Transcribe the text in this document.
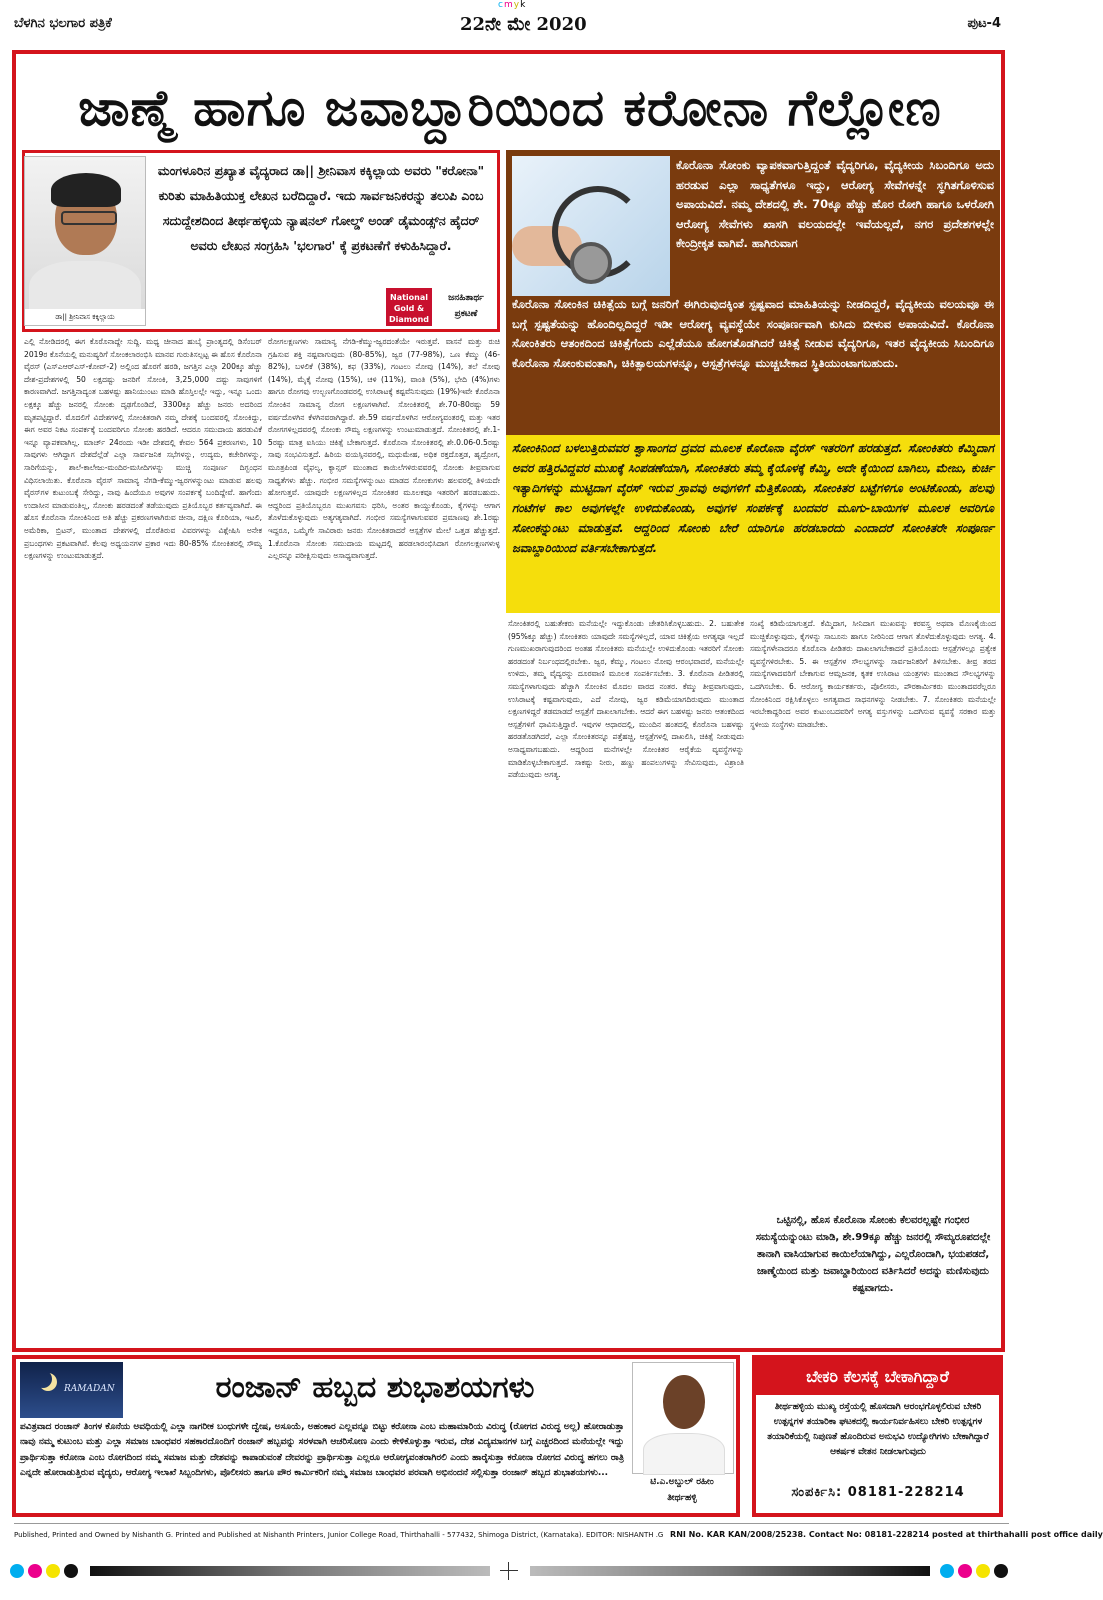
cmyk
ಬೆಳಗಿನ ಭಲಗಾರ ಪತ್ರಿಕೆ	22ನೇ ಮೇ 2020	ಪುಟ-4
ಜಾಣ್ಮೆ ಹಾಗೂ ಜವಾಬ್ದಾರಿಯಿಂದ ಕರೋನಾ ಗೆಲ್ಲೋಣ
ಡಾ|| ಶ್ರೀನಿವಾಸ ಕಕ್ಕಿಲ್ಲಾಯ
ಮಂಗಳೂರಿನ ಪ್ರಖ್ಯಾತ ವೈದ್ಯರಾದ ಡಾ|| ಶ್ರೀನಿವಾಸ ಕಕ್ಕಿಲ್ಲಾಯ ಅವರು "ಕರೋನಾ" ಕುರಿತು ಮಾಹಿತಿಯುಕ್ತ ಲೇಖನ ಬರೆದಿದ್ದಾರೆ. ಇದು ಸಾರ್ವಜನಿಕರನ್ನು ತಲುಪಿ ಎಂಬ ಸದುದ್ದೇಶದಿಂದ ತೀರ್ಥಹಳ್ಳಿಯ ನ್ಯಾಷನಲ್ ಗೋಲ್ಡ್ ಅಂಡ್ ಡೈಮಂಡ್ಸ್‌ನ ಹೈದರ್ ಅವರು ಲೇಖನ ಸಂಗ್ರಹಿಸಿ 'ಭಲಗಾರ' ಕ್ಕೆ ಪ್ರಕಟಣೆಗೆ ಕಳುಹಿಸಿದ್ದಾರೆ.
National Gold & Diamond
ಜನಹಿತಾರ್ಥ ಪ್ರಕಟಣೆ
ಕೊರೊನಾ ಸೋಂಕು ವ್ಯಾಪಕವಾಗುತ್ತಿದ್ದಂತೆ ವೈದ್ಯರಿಗೂ, ವೈದ್ಯಕೀಯ ಸಿಬಂದಿಗೂ ಅದು ಹರಡುವ ಎಲ್ಲಾ ಸಾಧ್ಯತೆಗಳೂ ಇದ್ದು, ಆರೋಗ್ಯ ಸೇವೆಗಳನ್ನೇ ಸ್ಥಗಿತಗೊಳಿಸುವ ಅಪಾಯವಿದೆ. ನಮ್ಮ ದೇಶದಲ್ಲಿ ಶೇ. 70ಕ್ಕೂ ಹೆಚ್ಚು ಹೊರ ರೋಗಿ ಹಾಗೂ ಒಳರೋಗಿ ಆರೋಗ್ಯ ಸೇವೆಗಳು ಖಾಸಗಿ ವಲಯದಲ್ಲೇ ಇವೆಯಲ್ಲದೆ, ನಗರ ಪ್ರದೇಶಗಳಲ್ಲೇ ಕೇಂದ್ರೀಕೃತ ವಾಗಿವೆ. ಹಾಗಿರುವಾಗ
ಕೊರೊನಾ ಸೋಂಕಿನ ಚಿಕಿತ್ಸೆಯ ಬಗ್ಗೆ ಜನರಿಗೆ ಈಗಿರುವುದಕ್ಕಿಂತ ಸ್ಪಷ್ಟವಾದ ಮಾಹಿತಿಯನ್ನು ನೀಡದಿದ್ದರೆ, ವೈದ್ಯಕೀಯ ವಲಯವೂ ಈ ಬಗ್ಗೆ ಸ್ಪಷ್ಟತೆಯನ್ನು ಹೊಂದಿಲ್ಲದಿದ್ದರೆ ಇಡೀ ಆರೋಗ್ಯ ವ್ಯವಸ್ಥೆಯೇ ಸಂಪೂರ್ಣವಾಗಿ ಕುಸಿದು ಬೀಳುವ ಅಪಾಯವಿದೆ. ಕೊರೊನಾ ಸೋಂಕಿತರು ಆತಂಕದಿಂದ ಚಿಕಿತ್ಸೆಗೆಂದು ಎಲ್ಲೆಡೆಯೂ ಹೋಗತೊಡಗಿದರೆ ಚಿಕಿತ್ಸೆ ನೀಡುವ ವೈದ್ಯರಿಗೂ, ಇತರ ವೈದ್ಯಕೀಯ ಸಿಬಂದಿಗೂ ಕೊರೊನಾ ಸೋಂಕುವಂತಾಗಿ, ಚಿಕಿತ್ಸಾಲಯಗಳನ್ನೂ, ಆಸ್ಪತ್ರೆಗಳನ್ನೂ ಮುಚ್ಚಬೇಕಾದ ಸ್ಥಿತಿಯುಂಟಾಗಬಹುದು.
ಸೋಂಕಿನಿಂದ ಬಳಲುತ್ತಿರುವವರ ಶ್ವಾಸಾಂಗದ ದ್ರವದ ಮೂಲಕ ಕೊರೊನಾ ವೈರಸ್ ಇತರರಿಗೆ ಹರಡುತ್ತದೆ. ಸೋಂಕಿತರು ಕೆಮ್ಮಿದಾಗ ಅವರ ಹತ್ತಿರವಿದ್ದವರ ಮುಖಕ್ಕೆ ಸಿಂಪಡಣೆಯಾಗಿ, ಸೋಂಕಿತರು ತಮ್ಮ ಕೈಯೊಳಕ್ಕೆ ಕೆಮ್ಮಿ, ಅದೇ ಕೈಯಿಂದ ಬಾಗಿಲು, ಮೇಜು, ಕುರ್ಚಿ ಇತ್ಯಾದಿಗಳನ್ನು ಮುಟ್ಟಿದಾಗ ವೈರಸ್ ಇರುವ ಸ್ರಾವವು ಅವುಗಳಿಗೆ ಮೆತ್ತಿಕೊಂಡು, ಸೋಂಕಿತರ ಬಟ್ಟೆಗಳಿಗೂ ಅಂಟಿಕೊಂಡು, ಹಲವು ಗಂಟೆಗಳ ಕಾಲ ಅವುಗಳಲ್ಲೇ ಉಳಿದುಕೊಂಡು, ಅವುಗಳ ಸಂಪರ್ಕಕ್ಕೆ ಬಂದವರ ಮೂಗು-ಬಾಯಿಗಳ ಮೂಲಕ ಅವರಿಗೂ ಸೋಂಕನ್ನುಂಟು ಮಾಡುತ್ತವೆ. ಆದ್ದರಿಂದ ಸೋಂಕು ಬೇರೆ ಯಾರಿಗೂ ಹರಡಬಾರದು ಎಂದಾದರೆ ಸೋಂಕಿತರೇ ಸಂಪೂರ್ಣ ಜವಾಬ್ದಾರಿಯಿಂದ ವರ್ತಿಸಬೇಕಾಗುತ್ತದೆ.
ಎಲ್ಲಿ ನೋಡಿದರಲ್ಲಿ ಈಗ ಕೊರೊನಾದ್ದೇ ಸುದ್ದಿ. ಮಧ್ಯ ಚೀನಾದ ಹುಬೈ ಪ್ರಾಂತ್ಯದಲ್ಲಿ ಡಿಸೆಂಬರ್ 2019ರ ಕೊನೆಯಲ್ಲಿ ಮನುಷ್ಯರಿಗೆ ಸೋಂಕಲಾರಂಭಿಸಿ ಮಾನವ ಗುರುತಿಸಲ್ಪಟ್ಟ ಈ ಹೊಸ ಕೊರೊನಾ ವೈರಸ್ (ಎಸ್‌ಎಆರ್‌ಎಸ್-ಕೋವ್-2) ಅಲ್ಲಿಂದ ಹೊರಗೆ ಹರಡಿ, ಜಗತ್ತಿನ ಎಲ್ಲಾ 200ಕ್ಕೂ ಹೆಚ್ಚು ದೇಶ-ಪ್ರದೇಶಗಳಲ್ಲಿ 50 ಲಕ್ಷದಷ್ಟು ಜನರಿಗೆ ಸೋಂಕಿ, 3,25,000 ದಷ್ಟು ಸಾವುಗಳಿಗೆ ಕಾರಣವಾಗಿದೆ. ಜಗತ್ತಿನಾದ್ಯಂತ ಬಹಳಷ್ಟು ಹಾನಿಯುಂಟು ಮಾಡಿ ಹೊಸ್ತಿಲಲ್ಲೇ ಇದ್ದು, ಇನ್ನೂ ಒಂದು ಲಕ್ಷಕ್ಕೂ ಹೆಚ್ಚು ಜನರಲ್ಲಿ ಸೋಂಕು ದೃಢಗೊಂಡಿದೆ, 3300ಕ್ಕೂ ಹೆಚ್ಚು ಜನರು ಅದರಿಂದ ಮೃತಪಟ್ಟಿದ್ದಾರೆ. ಮೊದಲಿಗೆ ವಿದೇಶಗಳಲ್ಲಿ ಸೋಂಕಿತರಾಗಿ ನಮ್ಮ ದೇಶಕ್ಕೆ ಬಂದವರಲ್ಲಿ ಸೋಂಕಿದ್ದು, ಈಗ ಅವರ ನಿಕಟ ಸಂಪರ್ಕಕ್ಕೆ ಬಂದವರಿಗೂ ಸೋಂಕು ಹರಡಿದೆ. ಆದರೂ ಸಮುದಾಯ ಹರಡುವಿಕೆ ಇನ್ನೂ ವ್ಯಾಪಕವಾಗಿಲ್ಲ. ಮಾರ್ಚ್ 24ರಂದು ಇಡೀ ದೇಶದಲ್ಲಿ ಕೇವಲ 564 ಪ್ರಕರಣಗಳು, 10 ಸಾವುಗಳು ಆಗಿದ್ದಾಗ ದೇಶದೆಲ್ಲೆಡೆ ಎಲ್ಲಾ ಸಾರ್ವಜನಿಕ ಸಭೆಗಳನ್ನು, ಉದ್ಯಮ, ಕಚೇರಿಗಳನ್ನು, ಸಾರಿಗೆಯನ್ನು, ಶಾಲೆ-ಕಾಲೇಜು-ಮಂದಿರ-ಮಸೀದಿಗಳನ್ನು ಮುಚ್ಚಿ ಸಂಪೂರ್ಣ ದಿಗ್ಬಂಧನ ವಿಧಿಸಲಾಯಿತು. ಕೊರೊನಾ ವೈರಸ್ ಸಾಮಾನ್ಯ ನೆಗಡಿ-ಕೆಮ್ಮು-ಜ್ವರಗಳನ್ನುಂಟು ಮಾಡುವ ಹಲವು ವೈರಸ್‌ಗಳ ಕುಟುಂಬಕ್ಕೆ ಸೇರಿದ್ದು, ನಾವು ಹಿಂದೆಯೂ ಅವುಗಳ ಸಂಪರ್ಕಕ್ಕೆ ಬಂದಿದ್ದೇವೆ. ಹಾಗೆಂದು ಉದಾಸೀನ ಮಾಡುವಂತಿಲ್ಲ, ಸೋಂಕು ಹರಡದಂತೆ ತಡೆಯುವುದು ಪ್ರತಿಯೊಬ್ಬರ ಕರ್ತವ್ಯವಾಗಿದೆ. ಈ ಹೊಸ ಕೊರೊನಾ ಸೋಂಕಿನಿಂದ ಅತಿ ಹೆಚ್ಚು ಪ್ರಕರಣಗಳಾಗಿರುವ ಚೀನಾ, ದಕ್ಷಿಣ ಕೊರಿಯಾ, ಇಟಲಿ, ಅಮೆರಿಕಾ, ಬ್ರಿಟನ್, ಮುಂತಾದ ದೇಶಗಳಲ್ಲಿ ದೊರೆತಿರುವ ವಿವರಗಳನ್ನು ವಿಶ್ಲೇಷಿಸಿ ಅನೇಕ ಪ್ರಬಂಧಗಳು ಪ್ರಕಟವಾಗಿವೆ. ಕೆಲವು ಅಧ್ಯಯನಗಳ ಪ್ರಕಾರ ಇದು 80-85% ಸೋಂಕಿತರಲ್ಲಿ ಸೌಮ್ಯ ಲಕ್ಷಣಗಳನ್ನು ಉಂಟುಮಾಡುತ್ತದೆ.
ರೋಗಲಕ್ಷಣಗಳು ಸಾಮಾನ್ಯ ನೆಗಡಿ-ಕೆಮ್ಮು-ಜ್ವರದಂತೆಯೇ ಇರುತ್ತವೆ. ವಾಸನೆ ಮತ್ತು ರುಚಿ ಗ್ರಹಿಸುವ ಶಕ್ತಿ ನಷ್ಟವಾಗುವುದು (80-85%), ಜ್ವರ (77-98%), ಒಣ ಕೆಮ್ಮು (46-82%), ಬಳಲಿಕೆ (38%), ಕಫ (33%), ಗಂಟಲು ನೋವು (14%), ತಲೆ ನೋವು (14%), ಮೈಕೈ ನೋವು (15%), ಚಳಿ (11%), ವಾಂತಿ (5%), ಭೇದಿ (4%)ಗಳು ಹಾಗೂ ರೋಗವು ಉಲ್ಬಣಗೊಂಡವರಲ್ಲಿ ಉಸಿರಾಟಕ್ಕೆ ಕಷ್ಟವೆನಿಸುವುದು (19%)ಇವೇ ಕೊರೊನಾ ಸೋಂಕಿನ ಸಾಮಾನ್ಯ ರೋಗ ಲಕ್ಷಣಗಳಾಗಿವೆ. ಸೋಂಕಿತರಲ್ಲಿ ಶೇ.70-80ರಷ್ಟು 59 ವರ್ಷದೊಳಗಿನ ಕೆಳಗಿನವರಾಗಿದ್ದಾರೆ. ಶೇ.59 ವರ್ಷದೊಳಗಿನ ಆರೋಗ್ಯವಂತರಲ್ಲಿ ಮತ್ತು ಇತರ ರೋಗಗಳಿಲ್ಲದವರಲ್ಲಿ ಸೋಂಕು ಸೌಮ್ಯ ಲಕ್ಷಣಗಳನ್ನು ಉಂಟುಮಾಡುತ್ತದೆ. ಸೋಂಕಿತರಲ್ಲಿ ಶೇ.1-5ರಷ್ಟು ಮಾತ್ರ ಐಸಿಯು ಚಿಕಿತ್ಸೆ ಬೇಕಾಗುತ್ತದೆ. ಕೊರೊನಾ ಸೋಂಕಿತರಲ್ಲಿ ಶೇ.0.06-0.5ರಷ್ಟು ಸಾವು ಸಂಭವಿಸುತ್ತದೆ. ಹಿರಿಯ ವಯಸ್ಸಿನವರಲ್ಲಿ, ಮಧುಮೇಹ, ಅಧಿಕ ರಕ್ತದೊತ್ತಡ, ಹೃದ್ರೋಗ, ಮೂತ್ರಪಿಂಡ ವೈಫಲ್ಯ, ಕ್ಯಾನ್ಸರ್ ಮುಂತಾದ ಕಾಯಿಲೆಗಳಿರುವವರಲ್ಲಿ ಸೋಂಕು ತೀವ್ರವಾಗುವ ಸಾಧ್ಯತೆಗಳು ಹೆಚ್ಚು. ಗಂಭೀರ ಸಮಸ್ಯೆಗಳನ್ನುಂಟು ಮಾಡದ ಸೋಂಕುಗಳು ಹಲವರಲ್ಲಿ ತಿಳಿಯದೇ ಹೋಗುತ್ತವೆ. ಯಾವುದೇ ಲಕ್ಷಣಗಳಿಲ್ಲದ ಸೋಂಕಿತರ ಮೂಲಕವೂ ಇತರರಿಗೆ ಹರಡಬಹುದು. ಆದ್ದರಿಂದ ಪ್ರತಿಯೊಬ್ಬರೂ ಮುಖಗವಸು ಧರಿಸಿ, ಅಂತರ ಕಾಯ್ದುಕೊಂಡು, ಕೈಗಳನ್ನು ಆಗಾಗ ತೊಳೆದುಕೊಳ್ಳುವುದು ಅತ್ಯಗತ್ಯವಾಗಿದೆ. ಗಂಭೀರ ಸಮಸ್ಯೆಗಳಾಗುವವರ ಪ್ರಮಾಣವು ಶೇ.1ರಷ್ಟು ಇದ್ದರೂ, ಒಮ್ಮೆಗೇ ಸಾವಿರಾರು ಜನರು ಸೋಂಕಿತರಾದರೆ ಆಸ್ಪತ್ರೆಗಳ ಮೇಲೆ ಒತ್ತಡ ಹೆಚ್ಚುತ್ತದೆ. 1.ಕೊರೊನಾ ಸೋಂಕು ಸಮುದಾಯ ಮಟ್ಟದಲ್ಲಿ ಹರಡಲಾರಂಭಿಸಿದಾಗ ರೋಗಲಕ್ಷಣಗಳುಳ್ಳ ಎಲ್ಲರನ್ನೂ ಪರೀಕ್ಷಿಸುವುದು ಅಸಾಧ್ಯವಾಗುತ್ತದೆ.
ಸೋಂಕಿತರಲ್ಲಿ ಬಹುತೇಕರು ಮನೆಯಲ್ಲೇ ಇದ್ದುಕೊಂಡು ಚೇತರಿಸಿಕೊಳ್ಳಬಹುದು. 2. ಬಹುತೇಕ (95%ಕ್ಕೂ ಹೆಚ್ಚು) ಸೋಂಕಿತರು ಯಾವುದೇ ಸಮಸ್ಯೆಗಳಿಲ್ಲದೆ, ಯಾವ ಚಿಕಿತ್ಸೆಯ ಅಗತ್ಯವೂ ಇಲ್ಲದೆ ಗುಣಮುಖರಾಗುವುದರಿಂದ ಅಂತಹ ಸೋಂಕಿತರು ಮನೆಯಲ್ಲೇ ಉಳಿದುಕೊಂಡು ಇತರರಿಗೆ ಸೋಂಕು ಹರಡದಂತೆ ನಿರ್ಬಂಧದಲ್ಲಿರಬೇಕು. ಜ್ವರ, ಕೆಮ್ಮು, ಗಂಟಲು ನೋವು ಆರಂಭವಾದರೆ, ಮನೆಯಲ್ಲೇ ಉಳಿದು, ತಮ್ಮ ವೈದ್ಯರನ್ನು ದೂರವಾಣಿ ಮೂಲಕ ಸಂಪರ್ಕಿಸಬೇಕು. 3. ಕೊರೊನಾ ಪೀಡಿತರಲ್ಲಿ ಸಮಸ್ಯೆಗಳಾಗುವುದು ಹೆಚ್ಚಾಗಿ ಸೋಂಕಿನ ಮೊದಲ ವಾರದ ನಂತರ. ಕೆಮ್ಮು ತೀವ್ರವಾಗುವುದು, ಉಸಿರಾಟಕ್ಕೆ ಕಷ್ಟವಾಗುವುದು, ಎದೆ ನೋವು, ಜ್ವರ ಕಡಿಮೆಯಾಗದಿರುವುದು ಮುಂತಾದ ಲಕ್ಷಣಗಳಿದ್ದರೆ ತಡಮಾಡದೆ ಆಸ್ಪತ್ರೆಗೆ ದಾಖಲಾಗಬೇಕು. ಆದರೆ ಈಗ ಬಹಳಷ್ಟು ಜನರು ಆತಂಕದಿಂದ ಆಸ್ಪತ್ರೆಗಳಿಗೆ ಧಾವಿಸುತ್ತಿದ್ದಾರೆ. ಇವುಗಳ ಆಧಾರದಲ್ಲಿ, ಮುಂದಿನ ಹಂತದಲ್ಲಿ ಕೊರೊನಾ ಬಹಳಷ್ಟು ಹರಡತೊಡಗಿದರೆ, ಎಲ್ಲಾ ಸೋಂಕಿತರನ್ನೂ ಪತ್ತೆಹಚ್ಚಿ, ಆಸ್ಪತ್ರೆಗಳಲ್ಲಿ ದಾಖಲಿಸಿ, ಚಿಕಿತ್ಸೆ ನೀಡುವುದು ಅಸಾಧ್ಯವಾಗಬಹುದು. ಆದ್ದರಿಂದ ಮನೆಗಳಲ್ಲೇ ಸೋಂಕಿತರ ಆರೈಕೆಯ ವ್ಯವಸ್ಥೆಗಳನ್ನು ಮಾಡಿಕೊಳ್ಳಬೇಕಾಗುತ್ತದೆ. ಸಾಕಷ್ಟು ನೀರು, ಹಣ್ಣು ಹಂಪಲುಗಳನ್ನು ಸೇವಿಸುವುದು, ವಿಶ್ರಾಂತಿ ಪಡೆಯುವುದು ಅಗತ್ಯ.
ಸಂಖ್ಯೆ ಕಡಿಮೆಯಾಗುತ್ತದೆ. ಕೆಮ್ಮಿದಾಗ, ಸೀನಿದಾಗ ಮುಖವನ್ನು ಕರವಸ್ತ್ರ ಅಥವಾ ಮೊಣಕೈಯಿಂದ ಮುಚ್ಚಿಕೊಳ್ಳುವುದು, ಕೈಗಳನ್ನು ಸಾಬೂನು ಹಾಗೂ ನೀರಿನಿಂದ ಆಗಾಗ ತೊಳೆದುಕೊಳ್ಳುವುದು ಅಗತ್ಯ. 4. ಸಮಸ್ಯೆಗಳೇನಾದರೂ ಕೊರೊನಾ ಪೀಡಿತರು ದಾಖಲಾಗಬೇಕಾದರೆ ಪ್ರತಿಯೊಂದು ಆಸ್ಪತ್ರೆಗಳಲ್ಲೂ ಪ್ರತ್ಯೇಕ ವ್ಯವಸ್ಥೆಗಳಿರಬೇಕು. 5. ಈ ಆಸ್ಪತ್ರೆಗಳ ಸೌಲಭ್ಯಗಳನ್ನು ಸಾರ್ವಜನಿಕರಿಗೆ ತಿಳಿಸಬೇಕು. ತೀವ್ರ ತರದ ಸಮಸ್ಯೆಗಳಾದವರಿಗೆ ಬೇಕಾಗುವ ಆಮ್ಲಜನಕ, ಕೃತಕ ಉಸಿರಾಟ ಯಂತ್ರಗಳು ಮುಂತಾದ ಸೌಲಭ್ಯಗಳನ್ನು ಒದಗಿಸಬೇಕು. 6. ಆರೋಗ್ಯ ಕಾರ್ಯಕರ್ತರು, ಪೊಲೀಸರು, ಪೌರಕಾರ್ಮಿಕರು ಮುಂತಾದವರೆಲ್ಲರೂ ಸೋಂಕಿನಿಂದ ರಕ್ಷಿಸಿಕೊಳ್ಳಲು ಅಗತ್ಯವಾದ ಸಾಧನಗಳನ್ನು ನೀಡಬೇಕು. 7. ಸೋಂಕಿತರು ಮನೆಯಲ್ಲೇ ಇರಬೇಕಾದ್ದರಿಂದ ಅವರ ಕುಟುಂಬದವರಿಗೆ ಅಗತ್ಯ ವಸ್ತುಗಳನ್ನು ಒದಗಿಸುವ ವ್ಯವಸ್ಥೆ ಸರಕಾರ ಮತ್ತು ಸ್ಥಳೀಯ ಸಂಸ್ಥೆಗಳು ಮಾಡಬೇಕು.
ಒಟ್ಟಿನಲ್ಲಿ, ಹೊಸ ಕೊರೊನಾ ಸೋಂಕು ಕೆಲವರಲ್ಲಷ್ಟೇ ಗಂಭೀರ ಸಮಸ್ಯೆಯನ್ನುಂಟು ಮಾಡಿ, ಶೇ.99ಕ್ಕೂ ಹೆಚ್ಚು ಜನರಲ್ಲಿ ಸೌಮ್ಯರೂಪದಲ್ಲೇ ತಾನಾಗಿ ವಾಸಿಯಾಗುವ ಕಾಯಿಲೆಯಾಗಿದ್ದು, ಎಲ್ಲರೊಂದಾಗಿ, ಭಯಪಡದೆ, ಜಾಣ್ಮೆಯಿಂದ ಮತ್ತು ಜವಾಬ್ದಾರಿಯಿಂದ ವರ್ತಿಸಿದರೆ ಅದನ್ನು ಮಣಿಸುವುದು ಕಷ್ಟವಾಗದು.
RAMADAN	ರಂಜಾನ್ ಹಬ್ಬದ ಶುಭಾಶಯಗಳು
ಪವಿತ್ರವಾದ ರಂಜಾನ್ ತಿಂಗಳ ಕೊನೆಯ ಅವಧಿಯಲ್ಲಿ ಎಲ್ಲಾ ನಾಗರೀಕ ಬಂಧುಗಳೇ ದ್ವೇಷ, ಅಸೂಯೆ, ಅಹಂಕಾರ ಎಲ್ಲವನ್ನೂ ಬಿಟ್ಟು ಕರೋನಾ ಎಂಬ ಮಹಾಮಾರಿಯ ವಿರುದ್ಧ (ರೋಗದ ವಿರುದ್ಧ ಅಲ್ಲ) ಹೋರಾಡುತ್ತಾ ನಾವು ನಮ್ಮ ಕುಟುಂಬ ಮತ್ತು ಎಲ್ಲಾ ಸಮಾಜ ಬಾಂಧವರ ಸಹಕಾರದೊಂದಿಗೆ ರಂಜಾನ್ ಹಬ್ಬವನ್ನು ಸರಳವಾಗಿ ಆಚರಿಸೋಣ ಎಂದು ಕೇಳಿಕೊಳ್ಳುತ್ತಾ ಇರುವ, ದೇಶ ವಿದ್ಯಮಾನಗಳ ಬಗ್ಗೆ ಎಚ್ಚರದಿಂದ ಮನೆಯಲ್ಲೇ ಇದ್ದು ಪ್ರಾರ್ಥಿಸುತ್ತಾ ಕರೋನಾ ಎಂಬ ರೋಗದಿಂದ ನಮ್ಮ ಸಮಾಜ ಮತ್ತು ದೇಶವನ್ನು ಕಾಪಾಡುವಂತೆ ದೇವರನ್ನು ಪ್ರಾರ್ಥಿಸುತ್ತಾ ಎಲ್ಲರೂ ಆರೋಗ್ಯವಂತರಾಗಿರಲಿ ಎಂದು ಹಾರೈಸುತ್ತಾ ಕರೋನಾ ರೋಗದ ವಿರುದ್ಧ ಹಗಲು ರಾತ್ರಿ ಎನ್ನದೇ ಹೋರಾಡುತ್ತಿರುವ ವೈದ್ಯರು, ಆರೋಗ್ಯ ಇಲಾಖೆ ಸಿಬ್ಬಂದಿಗಳು, ಪೊಲೀಸರು ಹಾಗೂ ಪೌರ ಕಾರ್ಮಿಕರಿಗೆ ನಮ್ಮ ಸಮಾಜ ಬಾಂಧವರ ಪರವಾಗಿ ಅಭಿನಂದನೆ ಸಲ್ಲಿಸುತ್ತಾ ರಂಜಾನ್ ಹಬ್ಬದ ಶುಭಾಶಯಗಳು...
ಟಿ.ಎ.ಅಬ್ದುಲ್ ರಹೀಂ
ತೀರ್ಥಹಳ್ಳಿ
ಬೇಕರಿ ಕೆಲಸಕ್ಕೆ ಬೇಕಾಗಿದ್ದಾರೆ
ತೀರ್ಥಹಳ್ಳಿಯ ಮುಖ್ಯ ರಸ್ತೆಯಲ್ಲಿ ಹೊಸದಾಗಿ ಆರಂಭಗೊಳ್ಳಲಿರುವ ಬೇಕರಿ ಉತ್ಪನ್ನಗಳ ತಯಾರಿಕಾ ಘಟಕದಲ್ಲಿ ಕಾರ್ಯನಿರ್ವಹಿಸಲು ಬೇಕರಿ ಉತ್ಪನ್ನಗಳ ತಯಾರಿಕೆಯಲ್ಲಿ ನಿಪುಣತೆ ಹೊಂದಿರುವ ಅನುಭವಿ ಉದ್ಯೋಗಿಗಳು ಬೇಕಾಗಿದ್ದಾರೆ
ಆಕರ್ಷಕ ವೇತನ ನೀಡಲಾಗುವುದು
ಸಂಪರ್ಕಿಸಿ: 08181-228214
Published, Printed and Owned by Nishanth G. Printed and Published at Nishanth Printers, Junior College Road, Thirthahalli - 577432, Shimoga District, (Karnataka). EDITOR: NISHANTH .G RNI No. KAR KAN/2008/25238. Contact No: 08181-228214 posted at thirthahalli post office daily
